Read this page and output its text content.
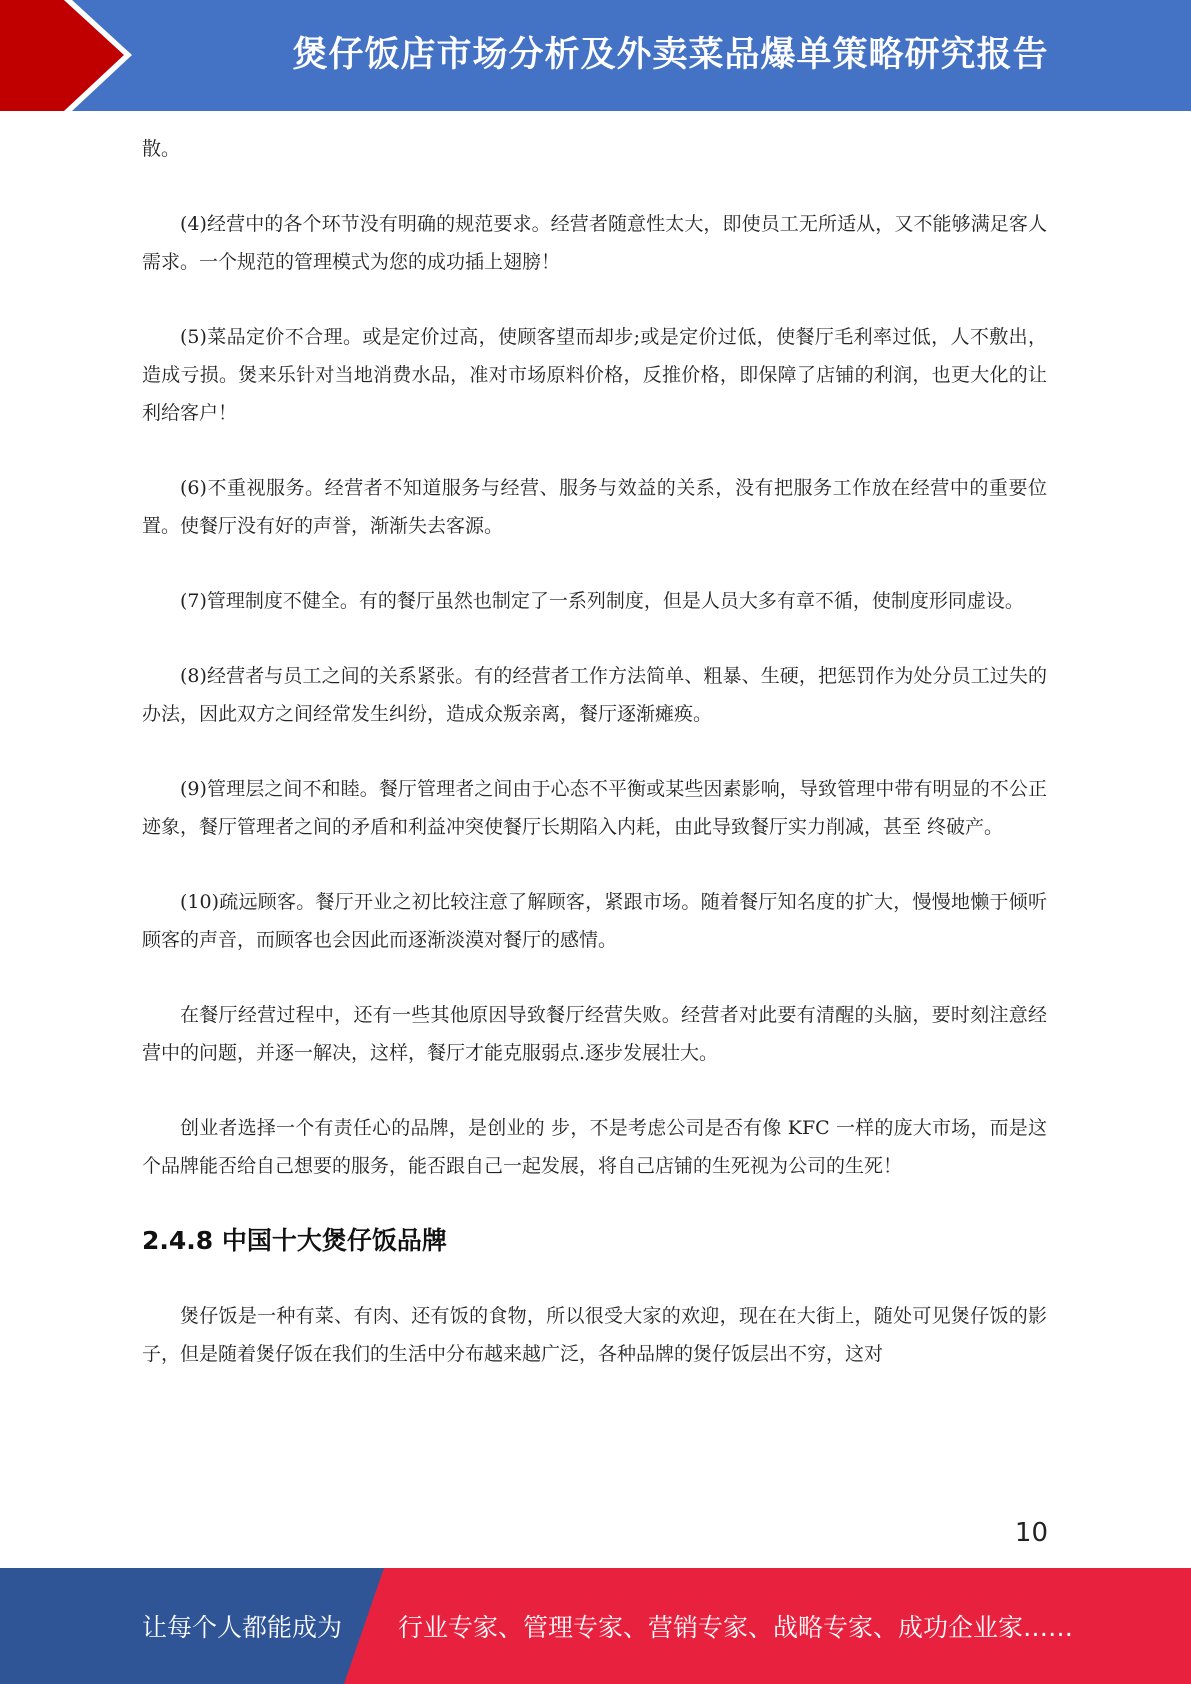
煲仔饭店市场分析及外卖菜品爆单策略研究报告

散。

(4)经营中的各个环节没有明确的规范要求。经营者随意性太大，即使员工无所适从，又不能够满足客人需求。一个规范的管理模式为您的成功插上翅膀！

(5)菜品定价不合理。或是定价过高，使顾客望而却步;或是定价过低，使餐厅毛利率过低，人不敷出，造成亏损。煲来乐针对当地消费水品，准对市场原料价格，反推价格，即保障了店铺的利润，也更大化的让利给客户！

(6)不重视服务。经营者不知道服务与经营、服务与效益的关系，没有把服务工作放在经营中的重要位置。使餐厅没有好的声誉，渐渐失去客源。

(7)管理制度不健全。有的餐厅虽然也制定了一系列制度，但是人员大多有章不循，使制度形同虚设。

(8)经营者与员工之间的关系紧张。有的经营者工作方法简单、粗暴、生硬，把惩罚作为处分员工过失的 办法，因此双方之间经常发生纠纷，造成众叛亲离，餐厅逐渐瘫痪。

(9)管理层之间不和睦。餐厅管理者之间由于心态不平衡或某些因素影响，导致管理中带有明显的不公正迹象，餐厅管理者之间的矛盾和利益冲突使餐厅长期陷入内耗，由此导致餐厅实力削减，甚至 终破产。

(10)疏远顾客。餐厅开业之初比较注意了解顾客，紧跟市场。随着餐厅知名度的扩大，慢慢地懒于倾听顾客的声音，而顾客也会因此而逐渐淡漠对餐厅的感情。

在餐厅经营过程中，还有一些其他原因导致餐厅经营失败。经营者对此要有清醒的头脑，要时刻注意经营中的问题，并逐一解决，这样，餐厅才能克服弱点.逐步发展壮大。

创业者选择一个有责任心的品牌，是创业的 步，不是考虑公司是否有像 KFC 一样的庞大市场，而是这个品牌能否给自己想要的服务，能否跟自己一起发展，将自己店铺的生死视为公司的生死！

2.4.8 中国十大煲仔饭品牌

煲仔饭是一种有菜、有肉、还有饭的食物，所以很受大家的欢迎，现在在大街上，随处可见煲仔饭的影子，但是随着煲仔饭在我们的生活中分布越来越广泛，各种品牌的煲仔饭层出不穷，这对

10
让每个人都能成为 行业专家、管理专家、营销专家、战略专家、成功企业家……
